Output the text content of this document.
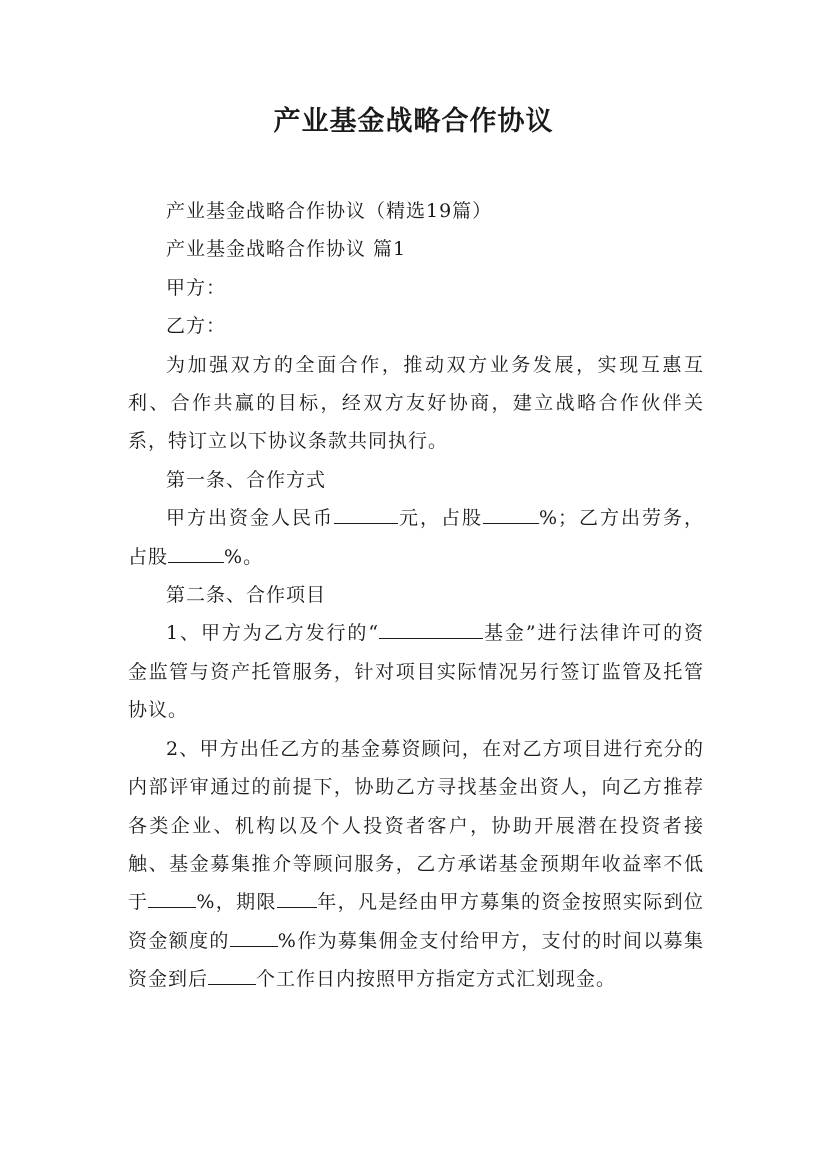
产业基金战略合作协议

产业基金战略合作协议（精选19篇）

产业基金战略合作协议 篇1

甲方：

乙方：

为加强双方的全面合作，推动双方业务发展，实现互惠互利、合作共赢的目标，经双方友好协商，建立战略合作伙伴关系，特订立以下协议条款共同执行。

第一条、合作方式

甲方出资金人民币	元，占股	%；乙方出劳务，占股	%。

第二条、合作项目

1、甲方为乙方发行的“	基金”进行法律许可的资金监管与资产托管服务，针对项目实际情况另行签订监管及托管协议。

2、甲方出任乙方的基金募资顾问，在对乙方项目进行充分的内部评审通过的前提下，协助乙方寻找基金出资人，向乙方推荐各类企业、机构以及个人投资者客户，协助开展潜在投资者接触、基金募集推介等顾问服务，乙方承诺基金预期年收益率不低于	%，期限 年，凡是经由甲方募集的资金按照实际到位资金额度的	%作为募集佣金支付给甲方，支付的时间以募集资金到后	个工作日内按照甲方指定方式汇划现金。
